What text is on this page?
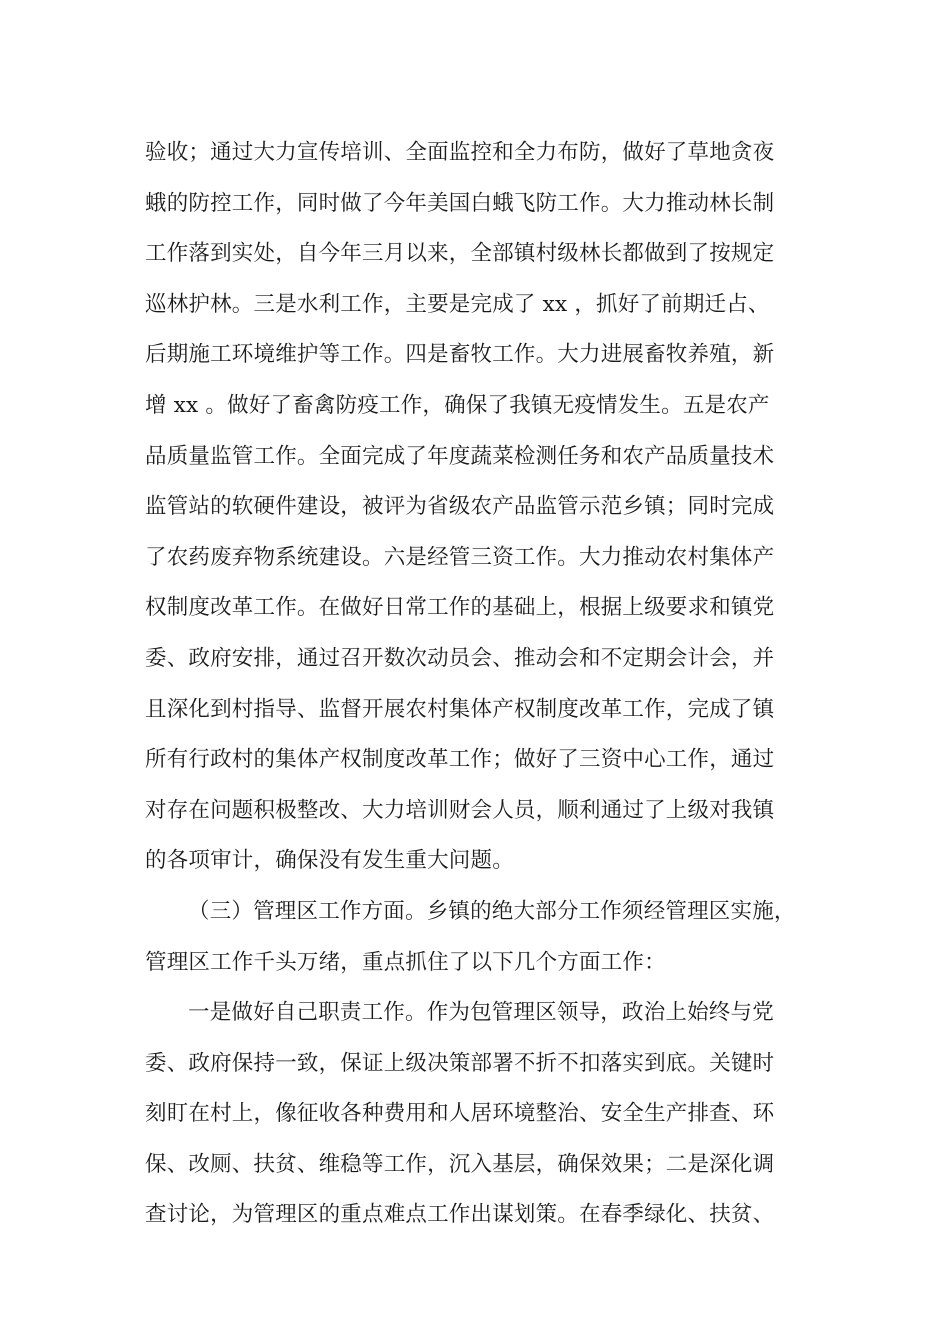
验收；通过大力宣传培训、全面监控和全力布防，做好了草地贪夜
蛾的防控工作，同时做了今年美国白蛾飞防工作。大力推动林长制
工作落到实处，自今年三月以来，全部镇村级林长都做到了按规定
巡林护林。三是水利工作，主要是完成了 xx ，抓好了前期迁占、
后期施工环境维护等工作。四是畜牧工作。大力进展畜牧养殖，新
增 xx 。做好了畜禽防疫工作，确保了我镇无疫情发生。五是农产
品质量监管工作。全面完成了年度蔬菜检测任务和农产品质量技术
监管站的软硬件建设，被评为省级农产品监管示范乡镇；同时完成
了农药废弃物系统建设。六是经管三资工作。大力推动农村集体产
权制度改革工作。在做好日常工作的基础上，根据上级要求和镇党
委、政府安排，通过召开数次动员会、推动会和不定期会计会，并
且深化到村指导、监督开展农村集体产权制度改革工作，完成了镇
所有行政村的集体产权制度改革工作；做好了三资中心工作，通过
对存在问题积极整改、大力培训财会人员，顺利通过了上级对我镇
的各项审计，确保没有发生重大问题。
（三）管理区工作方面。乡镇的绝大部分工作须经管理区实施，
管理区工作千头万绪，重点抓住了以下几个方面工作：
一是做好自己职责工作。作为包管理区领导，政治上始终与党
委、政府保持一致，保证上级决策部署不折不扣落实到底。关键时
刻盯在村上，像征收各种费用和人居环境整治、安全生产排查、环
保、改厕、扶贫、维稳等工作，沉入基层，确保效果；二是深化调
查讨论，为管理区的重点难点工作出谋划策。在春季绿化、扶贫、
